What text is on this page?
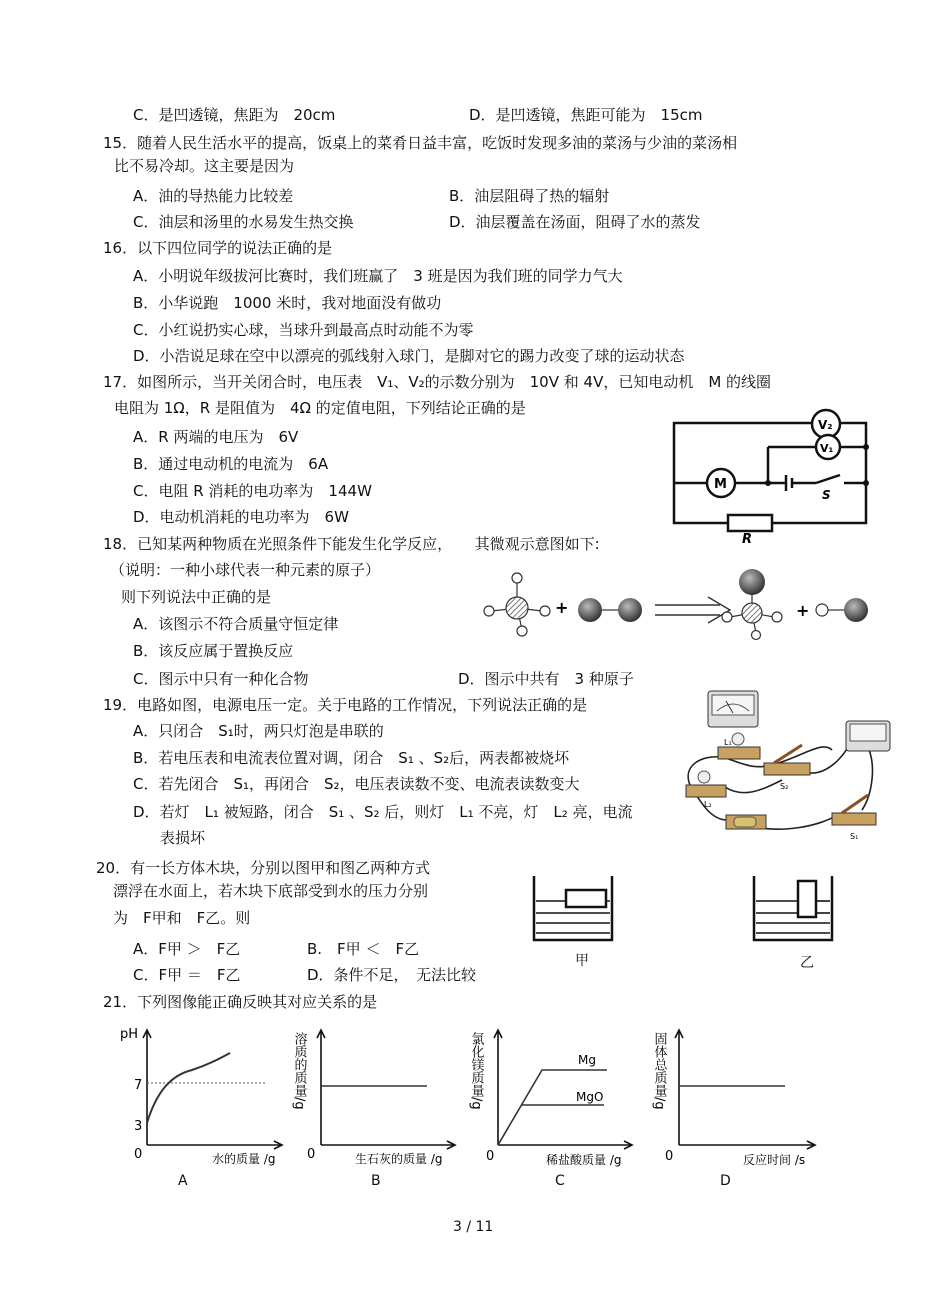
C．是凹透镜，焦距为　20cm	D．是凹透镜，焦距可能为　15cm
15．随着人民生活水平的提高，饭桌上的菜肴日益丰富，吃饭时发现多油的菜汤与少油的菜汤相
比不易冷却。这主要是因为
A．油的导热能力比较差	B．油层阻碍了热的辐射
C．油层和汤里的水易发生热交换	D．油层覆盖在汤面，阻碍了水的蒸发
16．以下四位同学的说法正确的是
A．小明说年级拔河比赛时，我们班赢了　3 班是因为我们班的同学力气大
B．小华说跑　1000 米时，我对地面没有做功
C．小红说扔实心球，当球升到最高点时动能不为零
D．小浩说足球在空中以漂亮的弧线射入球门，是脚对它的踢力改变了球的运动状态
17．如图所示，当开关闭合时，电压表　V₁、V₂的示数分别为　10V 和 4V，已知电动机　M 的线圈
电阻为 1Ω，R 是阻值为　4Ω 的定值电阻，下列结论正确的是
A．R 两端的电压为　6V
B．通过电动机的电流为　6A
C．电阻 R 消耗的电功率为　144W
D．电动机消耗的电功率为　6W
18．已知某两种物质在光照条件下能发生化学反应，　　其微观示意图如下:
（说明：一种小球代表一种元素的原子）
则下列说法中正确的是
A．该图示不符合质量守恒定律
B．该反应属于置换反应
C．图示中只有一种化合物	D．图示中共有　3 种原子
19．电路如图，电源电压一定。关于电路的工作情况，下列说法正确的是
A．只闭合　S₁时，两只灯泡是串联的
B．若电压表和电流表位置对调，闭合　S₁ 、S₂后，两表都被烧坏
C．若先闭合　S₁，再闭合　S₂，电压表读数不变、电流表读数变大
D．若灯　L₁ 被短路，闭合　S₁ 、S₂ 后，则灯　L₁ 不亮，灯　L₂ 亮，电流
表损坏
20．有一长方体木块，分别以图甲和图乙两种方式
漂浮在水面上，若木块下底部受到水的压力分别
为　F甲和　F乙。则
A．F甲 ＞　F乙	B.　F甲 ＜　F乙
C．F甲 ＝　F乙	D．条件不足，　无法比较
21．下列图像能正确反映其对应关系的是
V₂
V₁
M
S
R
+	+
L₁
S₂
L₂
S₁
甲	乙
pH
7
3
0	水的质量 /g
A
溶质的质量/g
0	生石灰的质量 /g
B
氯化镁质量/g	Mg
MgO
0	稀盐酸质量 /g
C
固体总质量/g
0	反应时间 /s
D
3 / 11
